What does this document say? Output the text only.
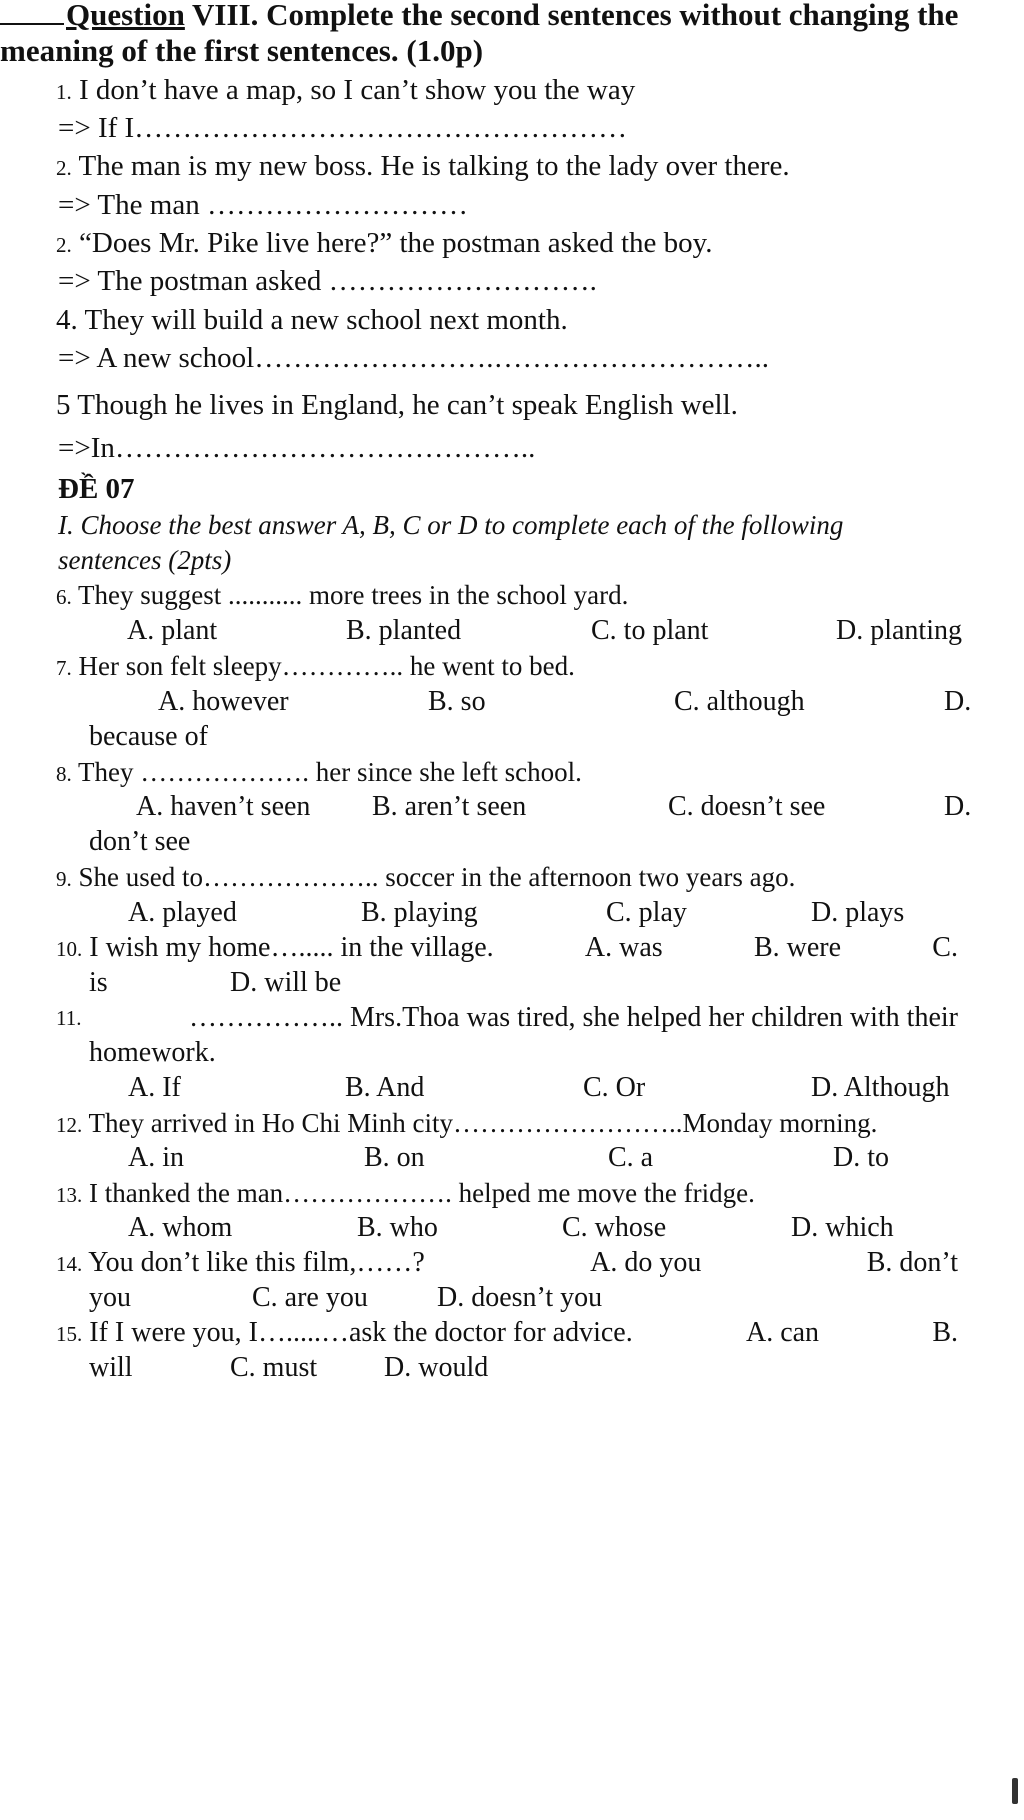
Question VIII. Complete the second sentences without changing the
meaning of the first sentences. (1.0p)
1. I don’t have a map, so I can’t show you the way
=> If I……………………………………………
2. The man is my new boss. He is talking to the lady over there.
=> The man ………………………
2. “Does Mr. Pike live here?” the postman asked the boy.
=> The postman asked ……………………….
4. They will build a new school next month.
=> A new school…………………….………………………..
5 Though he lives in England, he can’t speak English well.
=>In……………………………………..
ĐỀ 07
I. Choose the best answer A, B, C or D to complete each of the following
sentences (2pts)
6. They suggest ........... more trees in the school yard.
A. plant	B. planted	C. to plant	D. planting
7. Her son felt sleepy………….. he went to bed.
A. however	B. so	C. although	D.
because of
8. They ………………. her since she left school.
A. haven’t seen B. aren’t seen	C. doesn’t see	D.
don’t see
9. She used to……………….. soccer in the afternoon two years ago.
A. played	B. playing	C. play	D. plays
10. I wish my home…..... in the village.	A. was	B. were	C.
is	D. will be
11.	…………….. Mrs.Thoa was tired, she helped her children with their
homework.
A. If	B. And	C. Or	D. Although
12. They arrived in Ho Chi Minh city……………………..Monday morning.
A. in	B. on	C. a	D. to
13. I thanked the man………………. helped me move the fridge.
A. whom	B. who	C. whose	D. which
14. You don’t like this film,……?	A. do you	B. don’t
you	C. are you D. doesn’t you
15. If I were you, I….....…ask the doctor for advice.	A. can	B.
will	C. must D. would
